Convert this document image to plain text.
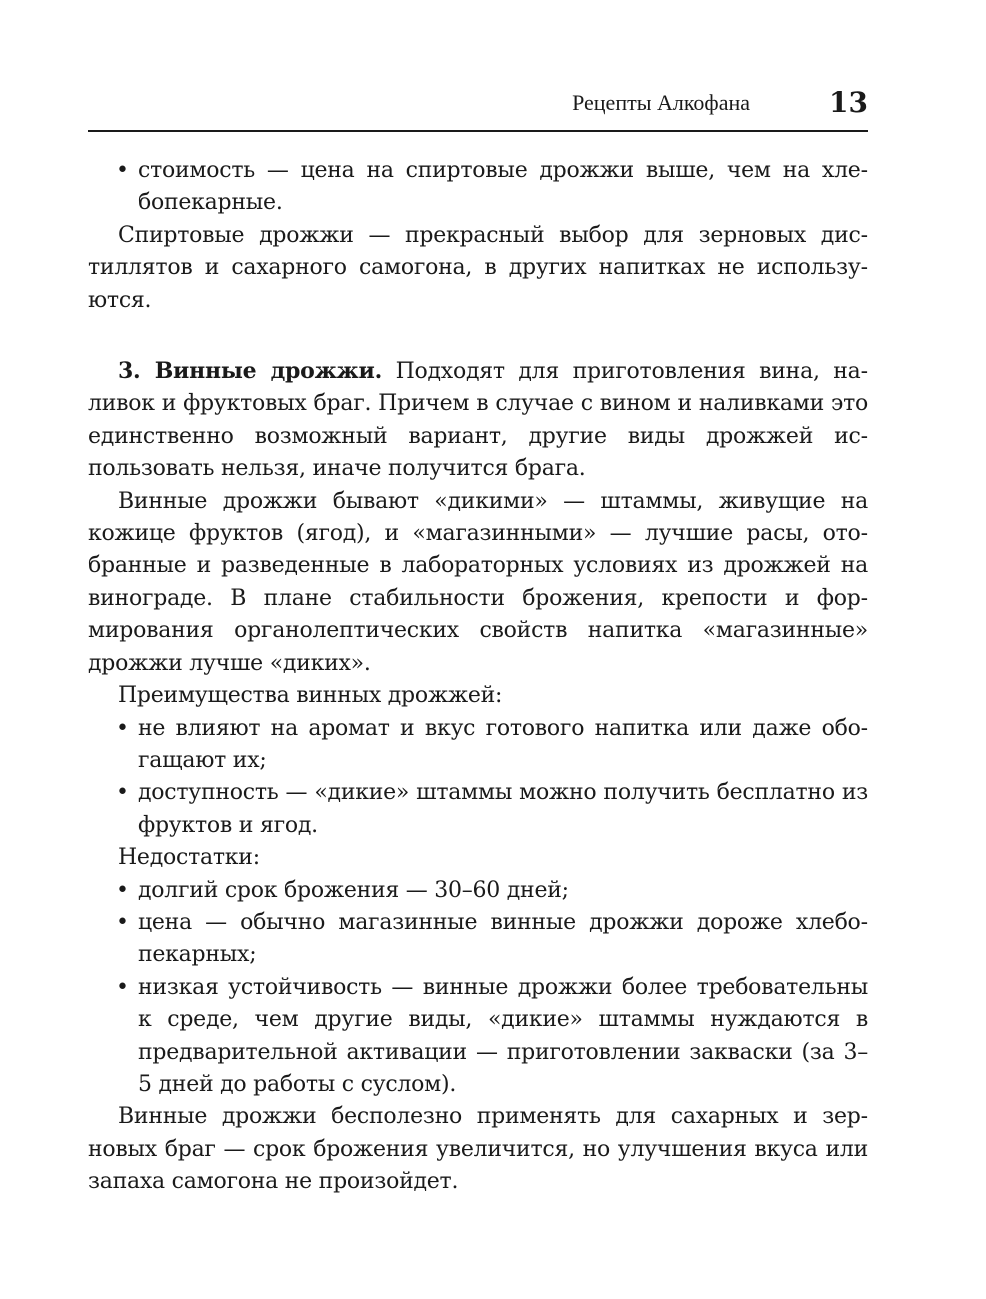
Рецепты Алкофана	13
• стоимость — цена на спиртовые дрожжи выше, чем на хлебопекарные.

Спиртовые дрожжи — прекрасный выбор для зерновых дистиллятов и сахарного самогона, в других напитках не используются.

3. Винные дрожжи. Подходят для приготовления вина, наливок и фруктовых браг. Причем в случае с вином и наливками это единственно возможный вариант, другие виды дрожжей использовать нельзя, иначе получится брага.

Винные дрожжи бывают «дикими» — штаммы, живущие на кожице фруктов (ягод), и «магазинными» — лучшие расы, отобранные и разведенные в лабораторных условиях из дрожжей на винограде. В плане стабильности брожения, крепости и формирования органолептических свойств напитка «магазинные» дрожжи лучше «диких».

Преимущества винных дрожжей:

• не влияют на аромат и вкус готового напитка или даже обогащают их;
• доступность — «дикие» штаммы можно получить бесплатно из фруктов и ягод.

Недостатки:

• долгий срок брожения — 30–60 дней;
• цена — обычно магазинные винные дрожжи дороже хлебопекарных;
• низкая устойчивость — винные дрожжи более требовательны к среде, чем другие виды, «дикие» штаммы нуждаются в предварительной активации — приготовлении закваски (за 3–5 дней до работы с суслом).

Винные дрожжи бесполезно применять для сахарных и зерновых браг — срок брожения увеличится, но улучшения вкуса или запаха самогона не произойдет.
